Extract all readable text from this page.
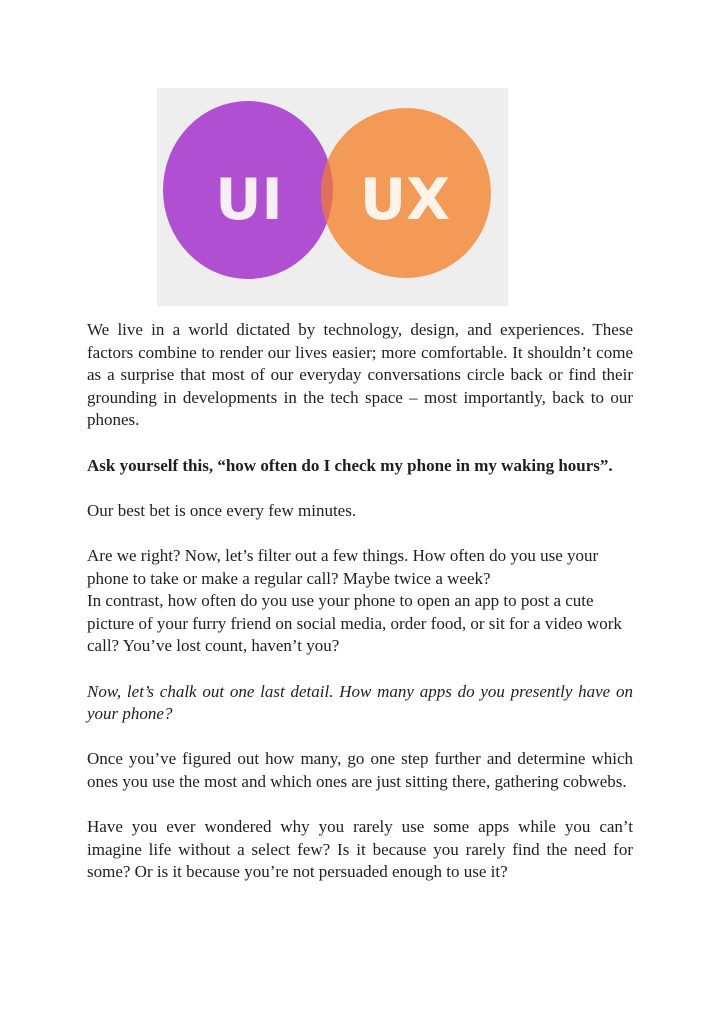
UI UX

We live in a world dictated by technology, design, and experiences. These factors combine to render our lives easier; more comfortable. It shouldn’t come as a surprise that most of our everyday conversations circle back or find their grounding in developments in the tech space – most importantly, back to our phones.

Ask yourself this, “how often do I check my phone in my waking hours”.

Our best bet is once every few minutes.

Are we right? Now, let’s filter out a few things. How often do you use your phone to take or make a regular call? Maybe twice a week?

In contrast, how often do you use your phone to open an app to post a cute picture of your furry friend on social media, order food, or sit for a video work call? You’ve lost count, haven’t you?

Now, let’s chalk out one last detail. How many apps do you presently have on your phone?

Once you’ve figured out how many, go one step further and determine which ones you use the most and which ones are just sitting there, gathering cobwebs.

Have you ever wondered why you rarely use some apps while you can’t imagine life without a select few? Is it because you rarely find the need for some? Or is it because you’re not persuaded enough to use it?
